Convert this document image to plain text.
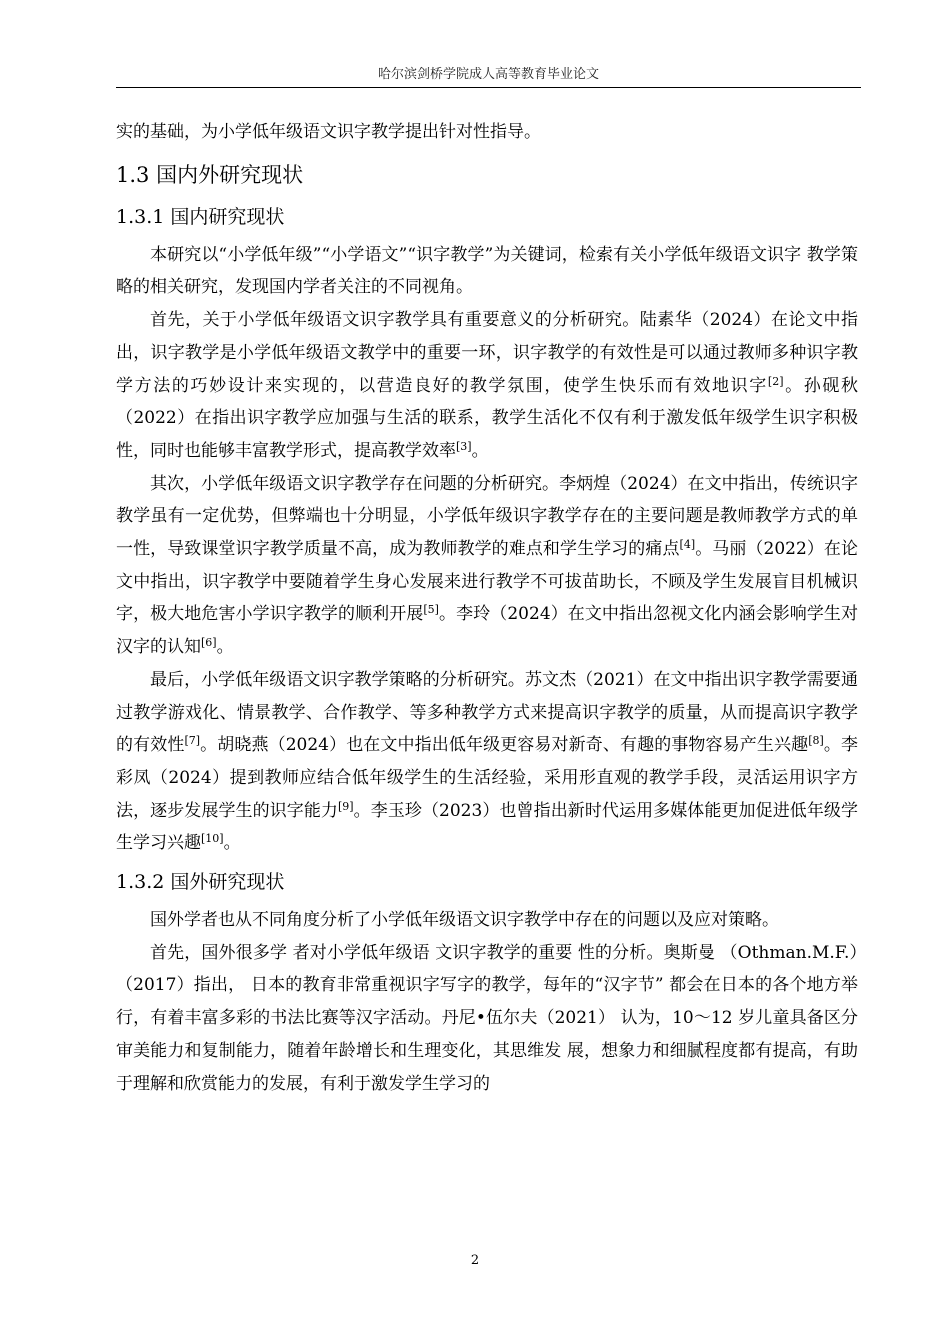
哈尔滨剑桥学院成人高等教育毕业论文

实的基础，为小学低年级语文识字教学提出针对性指导。

1.3 国内外研究现状
1.3.1 国内研究现状

本研究以“小学低年级”“小学语文”“识字教学”为关键词，检索有关小学低年级语文识字 教学策略的相关研究，发现国内学者关注的不同视角。

首先，关于小学低年级语文识字教学具有重要意义的分析研究。陆素华（2024）在论文中指出，识字教学是小学低年级语文教学中的重要一环，识字教学的有效性是可以通过教师多种识字教学方法的巧妙设计来实现的，以营造良好的教学氛围，使学生快乐而有效地识字[2]。孙砚秋（2022）在指出识字教学应加强与生活的联系，教学生活化不仅有利于激发低年级学生识字积极性，同时也能够丰富教学形式，提高教学效率[3]。

其次，小学低年级语文识字教学存在问题的分析研究。李炳煌（2024）在文中指出，传统识字教学虽有一定优势，但弊端也十分明显，小学低年级识字教学存在的主要问题是教师教学方式的单一性，导致课堂识字教学质量不高，成为教师教学的难点和学生学习的痛点[4]。马丽（2022）在论文中指出，识字教学中要随着学生身心发展来进行教学不可拔苗助长，不顾及学生发展盲目机械识字，极大地危害小学识字教学的顺利开展[5]。李玲（2024）在文中指出忽视文化内涵会影响学生对汉字的认知[6]。

最后，小学低年级语文识字教学策略的分析研究。苏文杰（2021）在文中指出识字教学需要通过教学游戏化、情景教学、合作教学、等多种教学方式来提高识字教学的质量，从而提高识字教学的有效性[7]。胡晓燕（2024）也在文中指出低年级更容易对新奇、有趣的事物容易产生兴趣[8]。李彩凤（2024）提到教师应结合低年级学生的生活经验，采用形直观的教学手段，灵活运用识字方法，逐步发展学生的识字能力[9]。李玉珍（2023）也曾指出新时代运用多媒体能更加促进低年级学生学习兴趣[10]。

1.3.2 国外研究现状

国外学者也从不同角度分析了小学低年级语文识字教学中存在的问题以及应对策略。

首先，国外很多学 者对小学低年级语 文识字教学的重要 性的分析。奥斯曼 （Othman.M.F.）（2017）指出， 日本的教育非常重视识字写字的教学，每年的“汉字节” 都会在日本的各个地方举行，有着丰富多彩的书法比赛等汉字活动。丹尼•伍尔夫（2021） 认为，10～12 岁儿童具备区分审美能力和复制能力，随着年龄增长和生理变化，其思维发 展，想象力和细腻程度都有提高，有助于理解和欣赏能力的发展，有利于激发学生学习的

2
